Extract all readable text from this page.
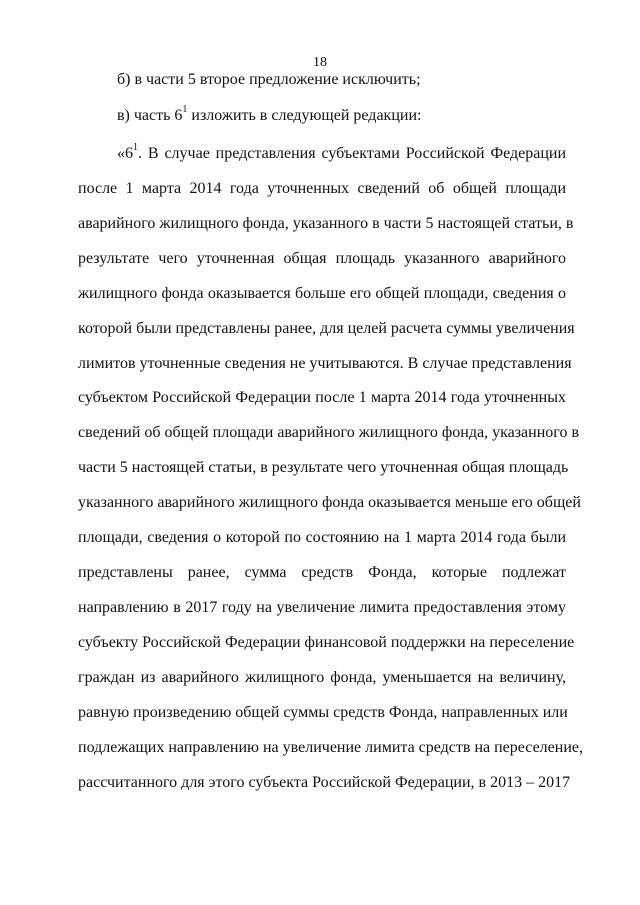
18
б) в части 5 второе предложение исключить;
в) часть $6^1$ изложить в следующей редакции:
«$6^1$. В случае представления субъектами Российской Федерации
после 1 марта 2014 года уточненных сведений об общей площади
аварийного жилищного фонда, указанного в части 5 настоящей статьи, в
результате чего уточненная общая площадь указанного аварийного
жилищного фонда оказывается больше его общей площади, сведения о
которой были представлены ранее, для целей расчета суммы увеличения
лимитов уточненные сведения не учитываются. В случае представления
субъектом Российской Федерации после 1 марта 2014 года уточненных
сведений об общей площади аварийного жилищного фонда, указанного в
части 5 настоящей статьи, в результате чего уточненная общая площадь
указанного аварийного жилищного фонда оказывается меньше его общей
площади, сведения о которой по состоянию на 1 марта 2014 года были
представлены ранее, сумма средств Фонда, которые подлежат
направлению в 2017 году на увеличение лимита предоставления этому
субъекту Российской Федерации финансовой поддержки на переселение
граждан из аварийного жилищного фонда, уменьшается на величину,
равную произведению общей суммы средств Фонда, направленных или
подлежащих направлению на увеличение лимита средств на переселение,
рассчитанного для этого субъекта Российской Федерации, в 2013 – 2017
